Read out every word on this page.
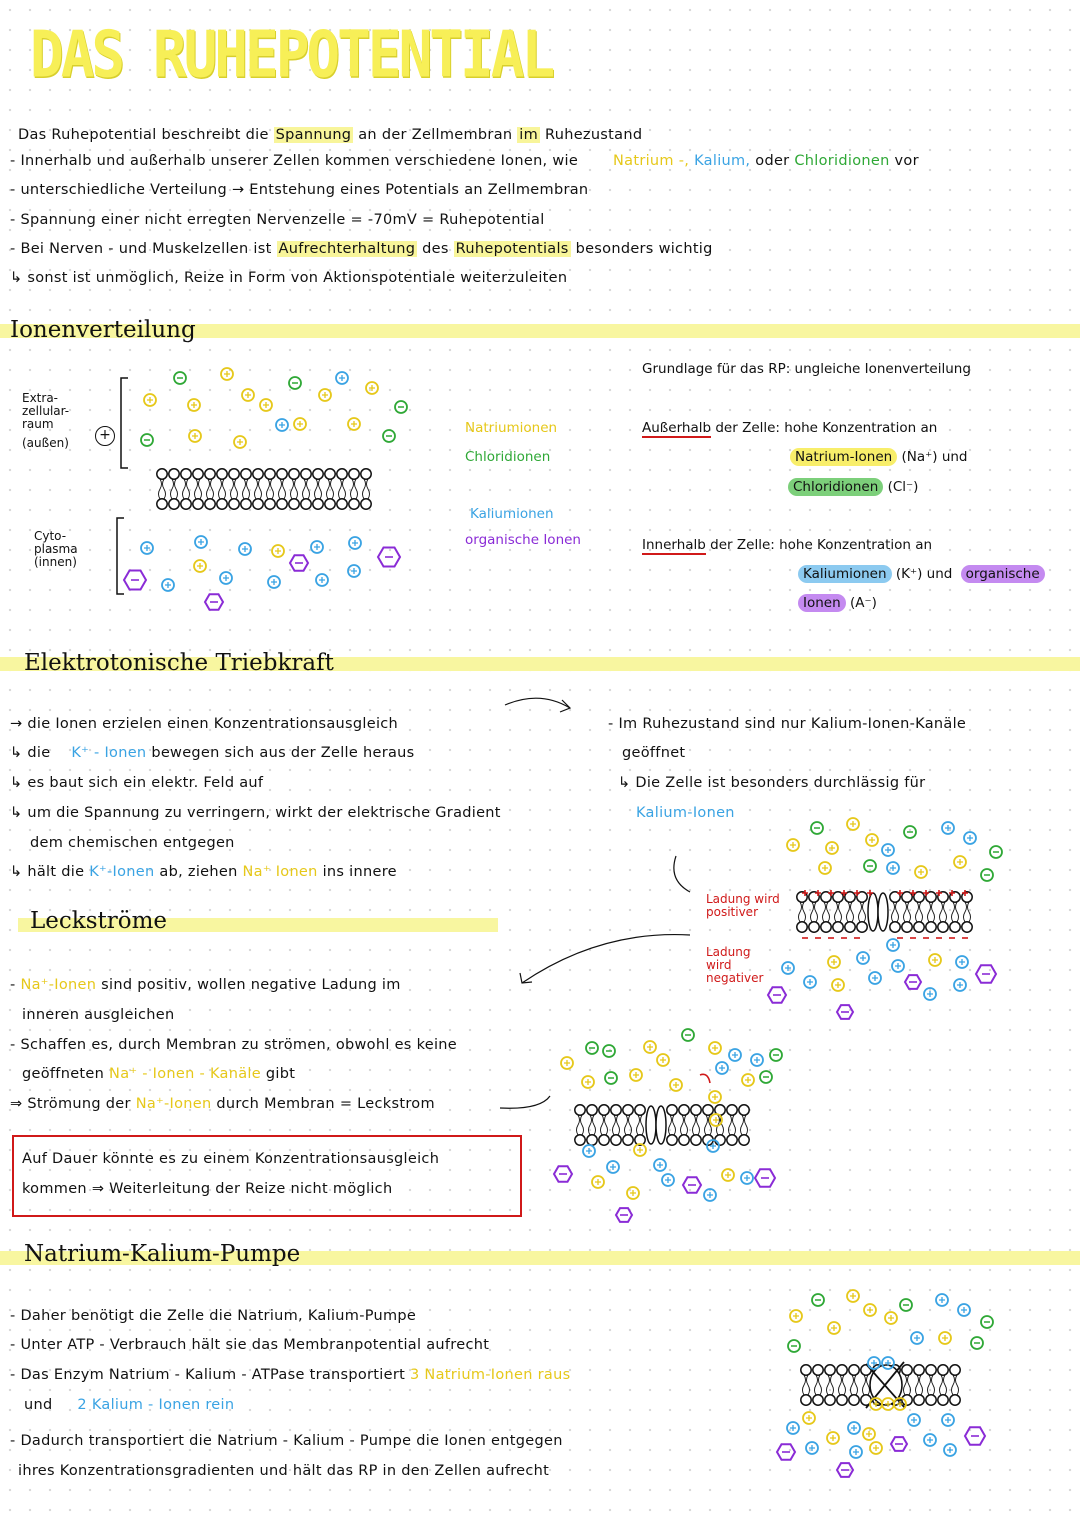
DAS RUHEPOTENTIAL
Das Ruhepotential beschreibt die Spannung an der Zellmembran im Ruhezustand
- Innerhalb und außerhalb unserer Zellen kommen verschiedene Ionen, wie Natrium -, Kalium, oder Chloridionen vor
- unterschiedliche Verteilung → Entstehung eines Potentials an Zellmembran
- Spannung einer nicht erregten Nervenzelle = -70mV = Ruhepotential
- Bei Nerven - und Muskelzellen ist Aufrechterhaltung des Ruhepotentials besonders wichtig
↳ sonst ist unmöglich, Reize in Form von Aktionspotentiale weiterzuleiten
Ionenverteilung
Extra-
zellular-
raum
(außen) +
Cyto-
plasma
(innen)
Natriumionen
Chloridionen
Kaliumionen
organische Ionen
Grundlage für das RP: ungleiche Ionenverteilung
Außerhalb der Zelle: hohe Konzentration an
Natrium-Ionen (Na⁺) und
Chloridionen (Cl⁻)
Innerhalb der Zelle: hohe Konzentration an
Kaliumionen (K⁺) und organische
Ionen (A⁻)
Elektrotonische Triebkraft
→ die Ionen erzielen einen Konzentrationsausgleich
↳ die K⁺ - Ionen bewegen sich aus der Zelle heraus
↳ es baut sich ein elektr. Feld auf
↳ um die Spannung zu verringern, wirkt der elektrische Gradient
dem chemischen entgegen
↳ hält die K⁺-Ionen ab, ziehen Na⁺ Ionen ins innere
- Im Ruhezustand sind nur Kalium-Ionen-Kanäle
geöffnet
↳ Die Zelle ist besonders durchlässig für
Kalium-Ionen
Ladung wird
positiver
Ladung
wird
negativer
Leckströme
- Na⁺-Ionen sind positiv, wollen negative Ladung im
inneren ausgleichen
- Schaffen es, durch Membran zu strömen, obwohl es keine
geöffneten Na⁺ - Ionen - Kanäle gibt
⇒ Strömung der Na⁺-Ionen durch Membran = Leckstrom
Auf Dauer könnte es zu einem Konzentrationsausgleich
kommen ⇒ Weiterleitung der Reize nicht möglich
Natrium-Kalium-Pumpe
- Daher benötigt die Zelle die Natrium, Kalium-Pumpe
- Unter ATP - Verbrauch hält sie das Membranpotential aufrecht
- Das Enzym Natrium - Kalium - ATPase transportiert 3 Natrium-Ionen raus
und 2 Kalium - Ionen rein
- Dadurch transportiert die Natrium - Kalium - Pumpe die Ionen entgegen
ihres Konzentrationsgradienten und hält das RP in den Zellen aufrecht
